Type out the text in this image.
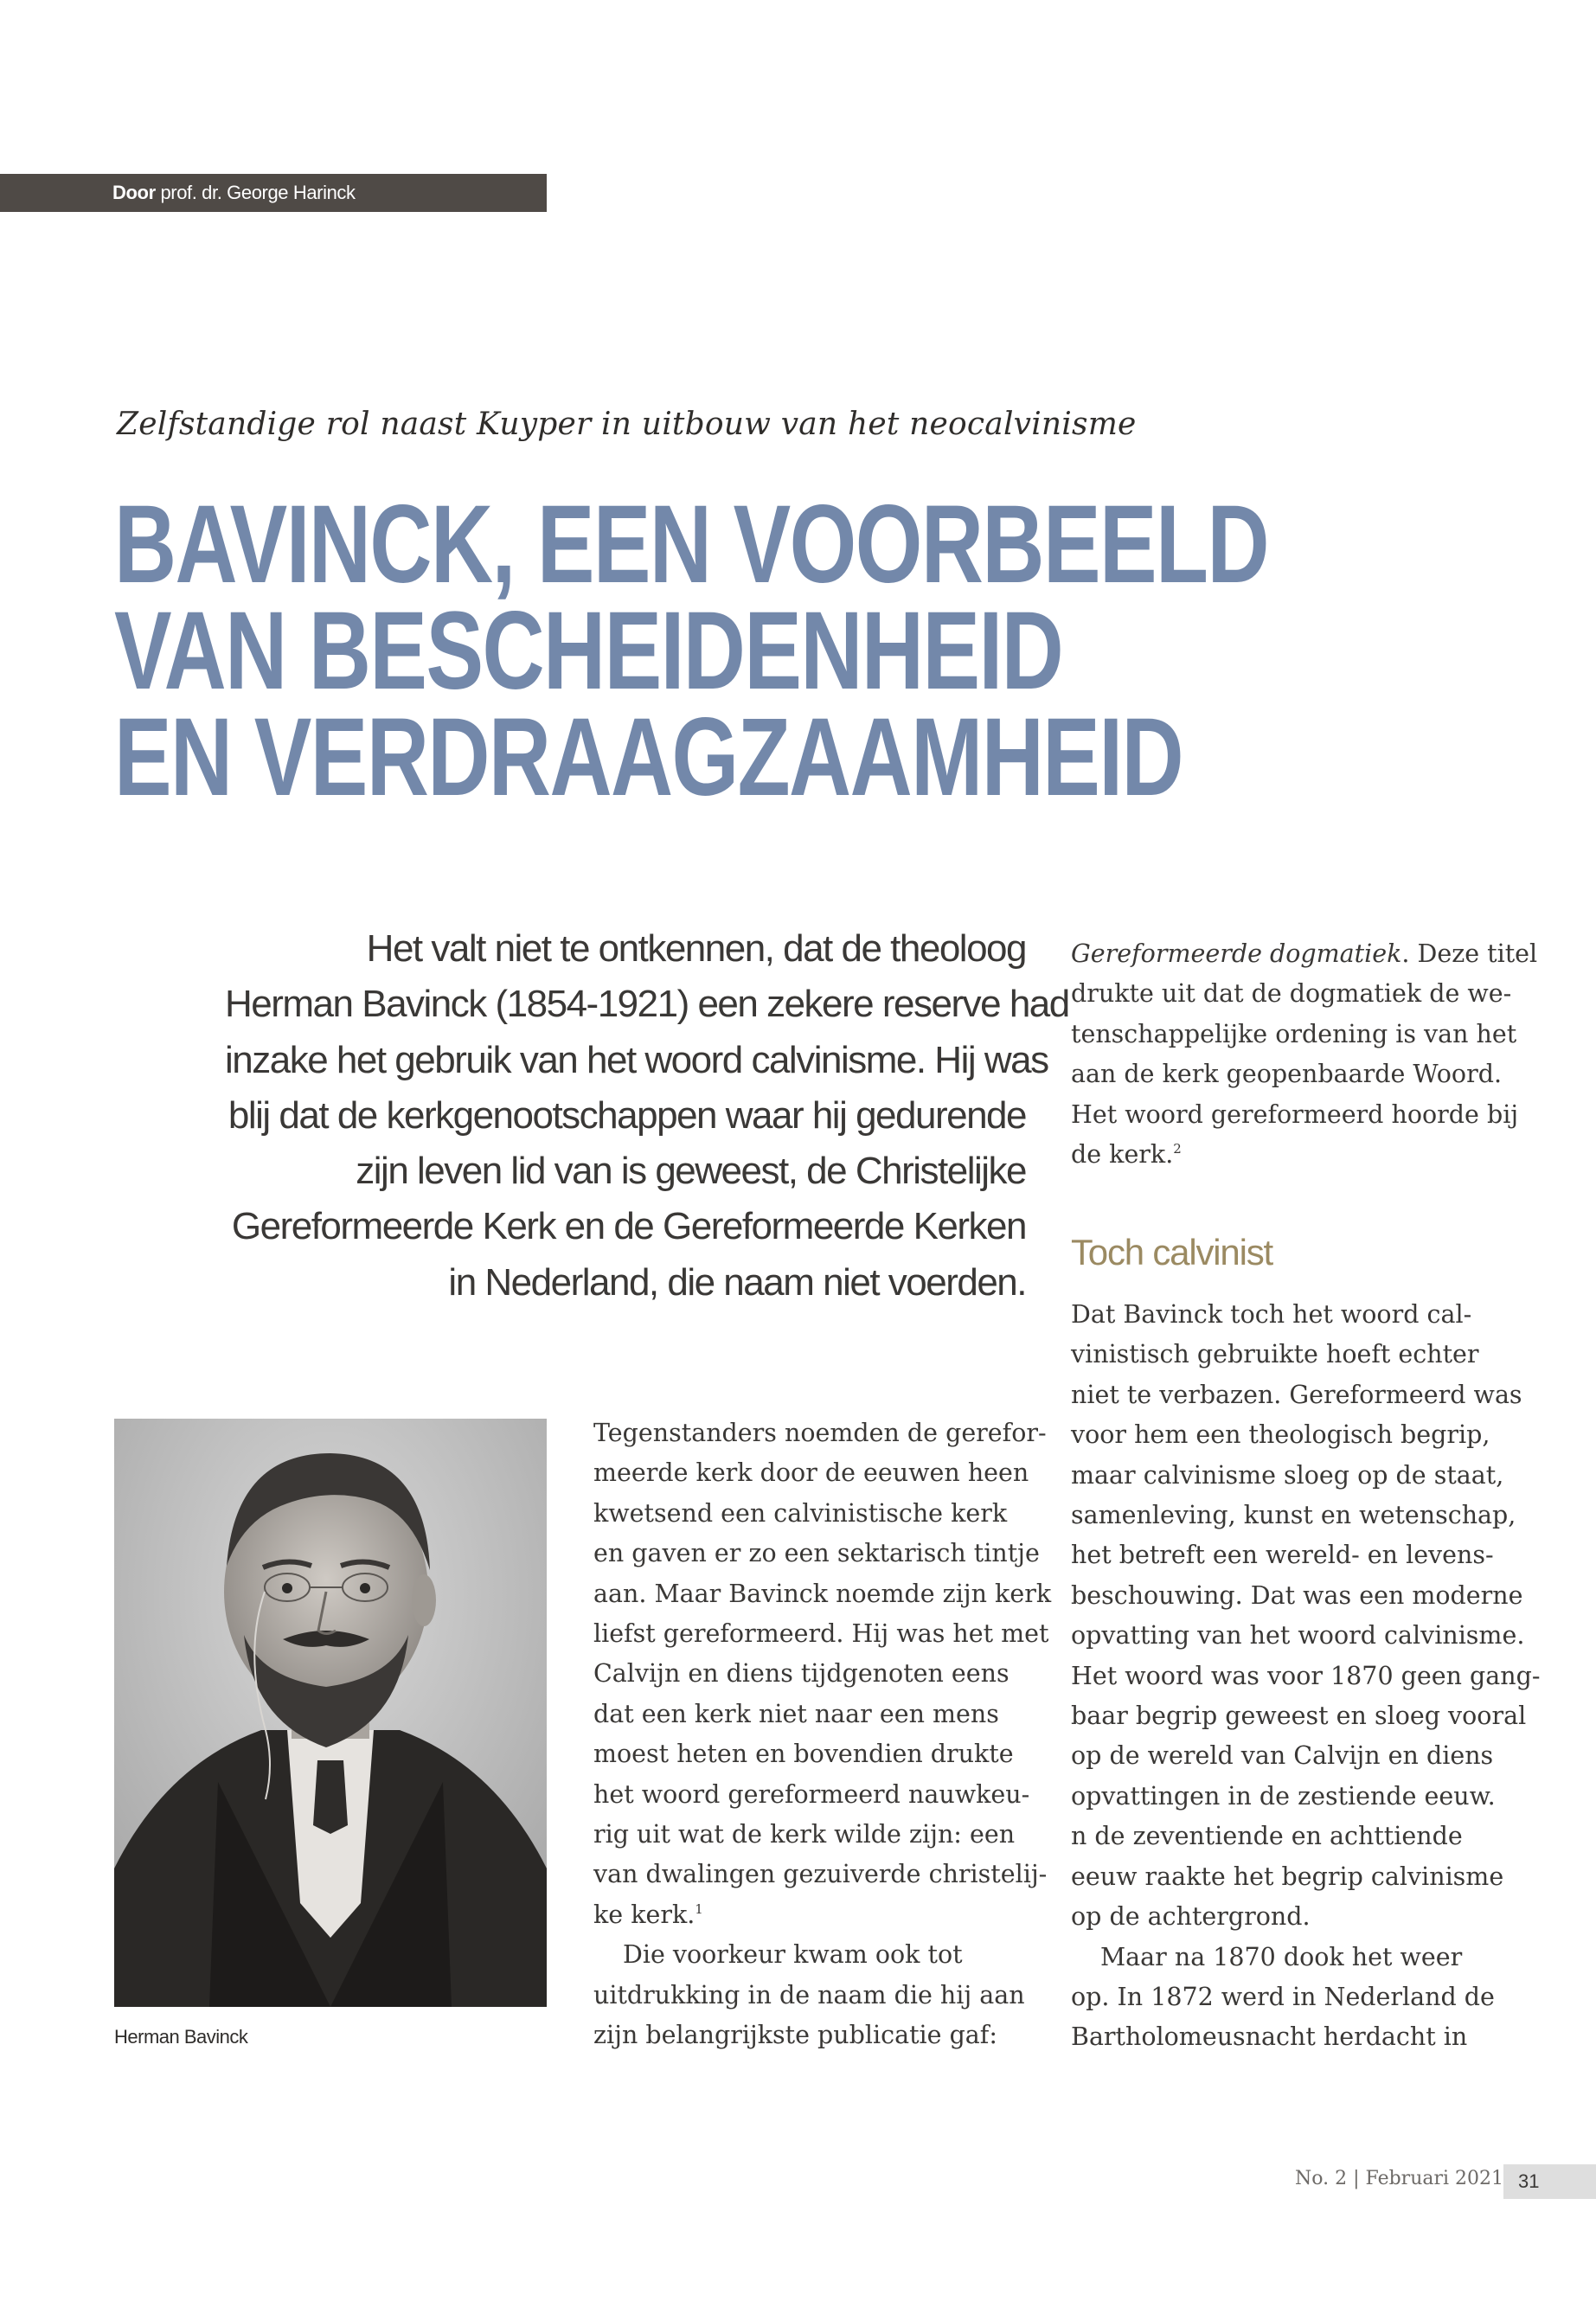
Door prof. dr. George Harinck
Zelfstandige rol naast Kuyper in uitbouw van het neocalvinisme
BAVINCK, EEN VOORBEELD
VAN BESCHEIDENHEID
EN VERDRAAGZAAMHEID
Het valt niet te ontkennen, dat de theoloog
Herman Bavinck (1854-1921) een zekere reserve had
inzake het gebruik van het woord calvinisme. Hij was
blij dat de kerkgenootschappen waar hij gedurende
zijn leven lid van is geweest, de Christelijke
Gereformeerde Kerk en de Gereformeerde Kerken
in Nederland, die naam niet voerden.
Herman Bavinck
Tegenstanders noemden de gerefor-
meerde kerk door de eeuwen heen
kwetsend een calvinistische kerk
en gaven er zo een sektarisch tintje
aan. Maar Bavinck noemde zijn kerk
liefst gereformeerd. Hij was het met
Calvijn en diens tijdgenoten eens
dat een kerk niet naar een mens
moest heten en bovendien drukte
het woord gereformeerd nauwkeu-
rig uit wat de kerk wilde zijn: een
van dwalingen gezuiverde christelij-
ke kerk.$^1$
Die voorkeur kwam ook tot
uitdrukking in de naam die hij aan
zijn belangrijkste publicatie gaf:
Gereformeerde dogmatiek. Deze titel
drukte uit dat de dogmatiek de we-
tenschappelijke ordening is van het
aan de kerk geopenbaarde Woord.
Het woord gereformeerd hoorde bij
de kerk.$^2$
Toch calvinist
Dat Bavinck toch het woord cal-
vinistisch gebruikte hoeft echter
niet te verbazen. Gereformeerd was
voor hem een theologisch begrip,
maar calvinisme sloeg op de staat,
samenleving, kunst en wetenschap,
het betreft een wereld- en levens-
beschouwing. Dat was een moderne
opvatting van het woord calvinisme.
Het woord was voor 1870 geen gang-
baar begrip geweest en sloeg vooral
op de wereld van Calvijn en diens
opvattingen in de zestiende eeuw.
n de zeventiende en achttiende
eeuw raakte het begrip calvinisme
op de achtergrond.
Maar na 1870 dook het weer
op. In 1872 werd in Nederland de
Bartholomeusnacht herdacht in
No. 2 | Februari 2021 31
